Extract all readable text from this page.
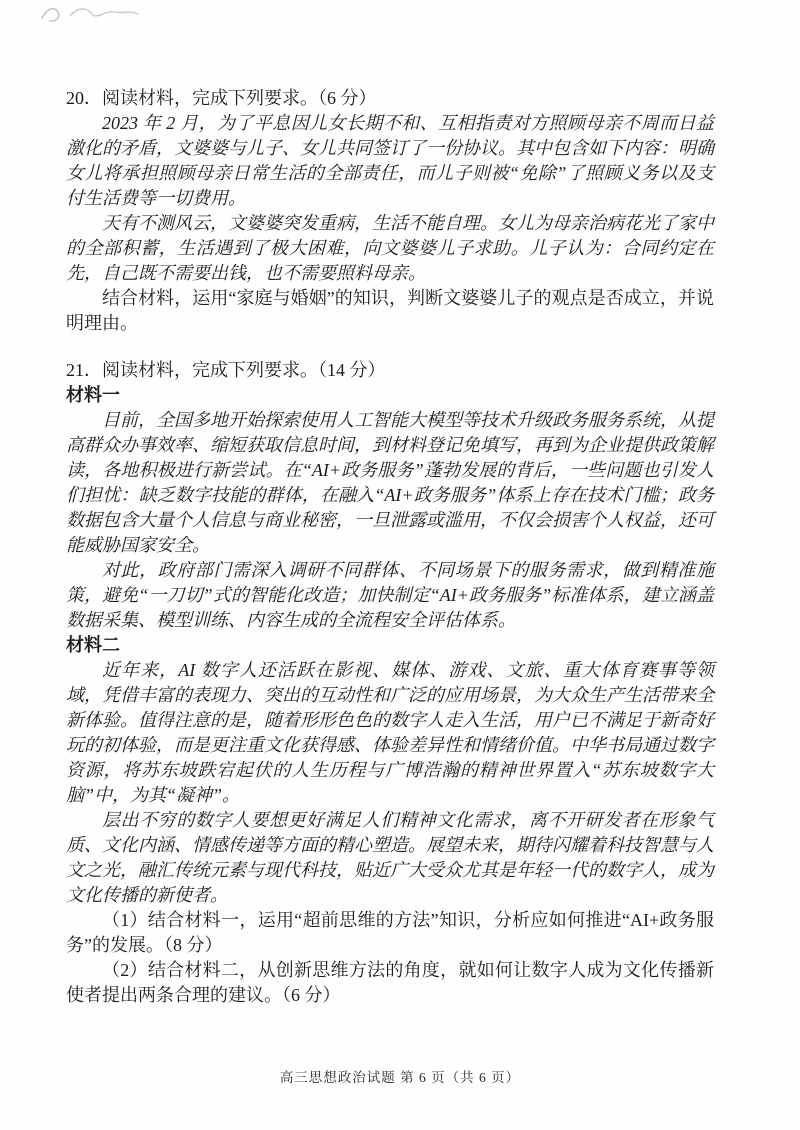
20．阅读材料，完成下列要求。（6 分）

2023 年 2 月，为了平息因儿女长期不和、互相指责对方照顾母亲不周而日益激化的矛盾，文婆婆与儿子、女儿共同签订了一份协议。其中包含如下内容：明确女儿将承担照顾母亲日常生活的全部责任，而儿子则被“免除”了照顾义务以及支付生活费等一切费用。

天有不测风云，文婆婆突发重病，生活不能自理。女儿为母亲治病花光了家中的全部积蓄，生活遇到了极大困难，向文婆婆儿子求助。儿子认为：合同约定在先，自己既不需要出钱，也不需要照料母亲。

结合材料，运用“家庭与婚姻”的知识，判断文婆婆儿子的观点是否成立，并说明理由。

21．阅读材料，完成下列要求。（14 分）

材料一

目前，全国多地开始探索使用人工智能大模型等技术升级政务服务系统，从提高群众办事效率、缩短获取信息时间，到材料登记免填写，再到为企业提供政策解读，各地积极进行新尝试。在“AI+政务服务”蓬勃发展的背后，一些问题也引发人们担忧：缺乏数字技能的群体，在融入“AI+政务服务”体系上存在技术门槛；政务数据包含大量个人信息与商业秘密，一旦泄露或滥用，不仅会损害个人权益，还可能威胁国家安全。

对此，政府部门需深入调研不同群体、不同场景下的服务需求，做到精准施策，避免“一刀切”式的智能化改造；加快制定“AI+政务服务”标准体系，建立涵盖数据采集、模型训练、内容生成的全流程安全评估体系。

材料二

近年来，AI 数字人还活跃在影视、媒体、游戏、文旅、重大体育赛事等领域，凭借丰富的表现力、突出的互动性和广泛的应用场景，为大众生产生活带来全新体验。值得注意的是，随着形形色色的数字人走入生活，用户已不满足于新奇好玩的初体验，而是更注重文化获得感、体验差异性和情绪价值。中华书局通过数字资源，将苏东坡跌宕起伏的人生历程与广博浩瀚的精神世界置入“苏东坡数字大脑”中，为其“凝神”。

层出不穷的数字人要想更好满足人们精神文化需求，离不开研发者在形象气质、文化内涵、情感传递等方面的精心塑造。展望未来，期待闪耀着科技智慧与人文之光，融汇传统元素与现代科技，贴近广大受众尤其是年轻一代的数字人，成为文化传播的新使者。

（1）结合材料一，运用“超前思维的方法”知识，分析应如何推进“AI+政务服务”的发展。（8 分）

（2）结合材料二，从创新思维方法的角度，就如何让数字人成为文化传播新使者提出两条合理的建议。（6 分）

高三思想政治试题 第 6 页（共 6 页）
